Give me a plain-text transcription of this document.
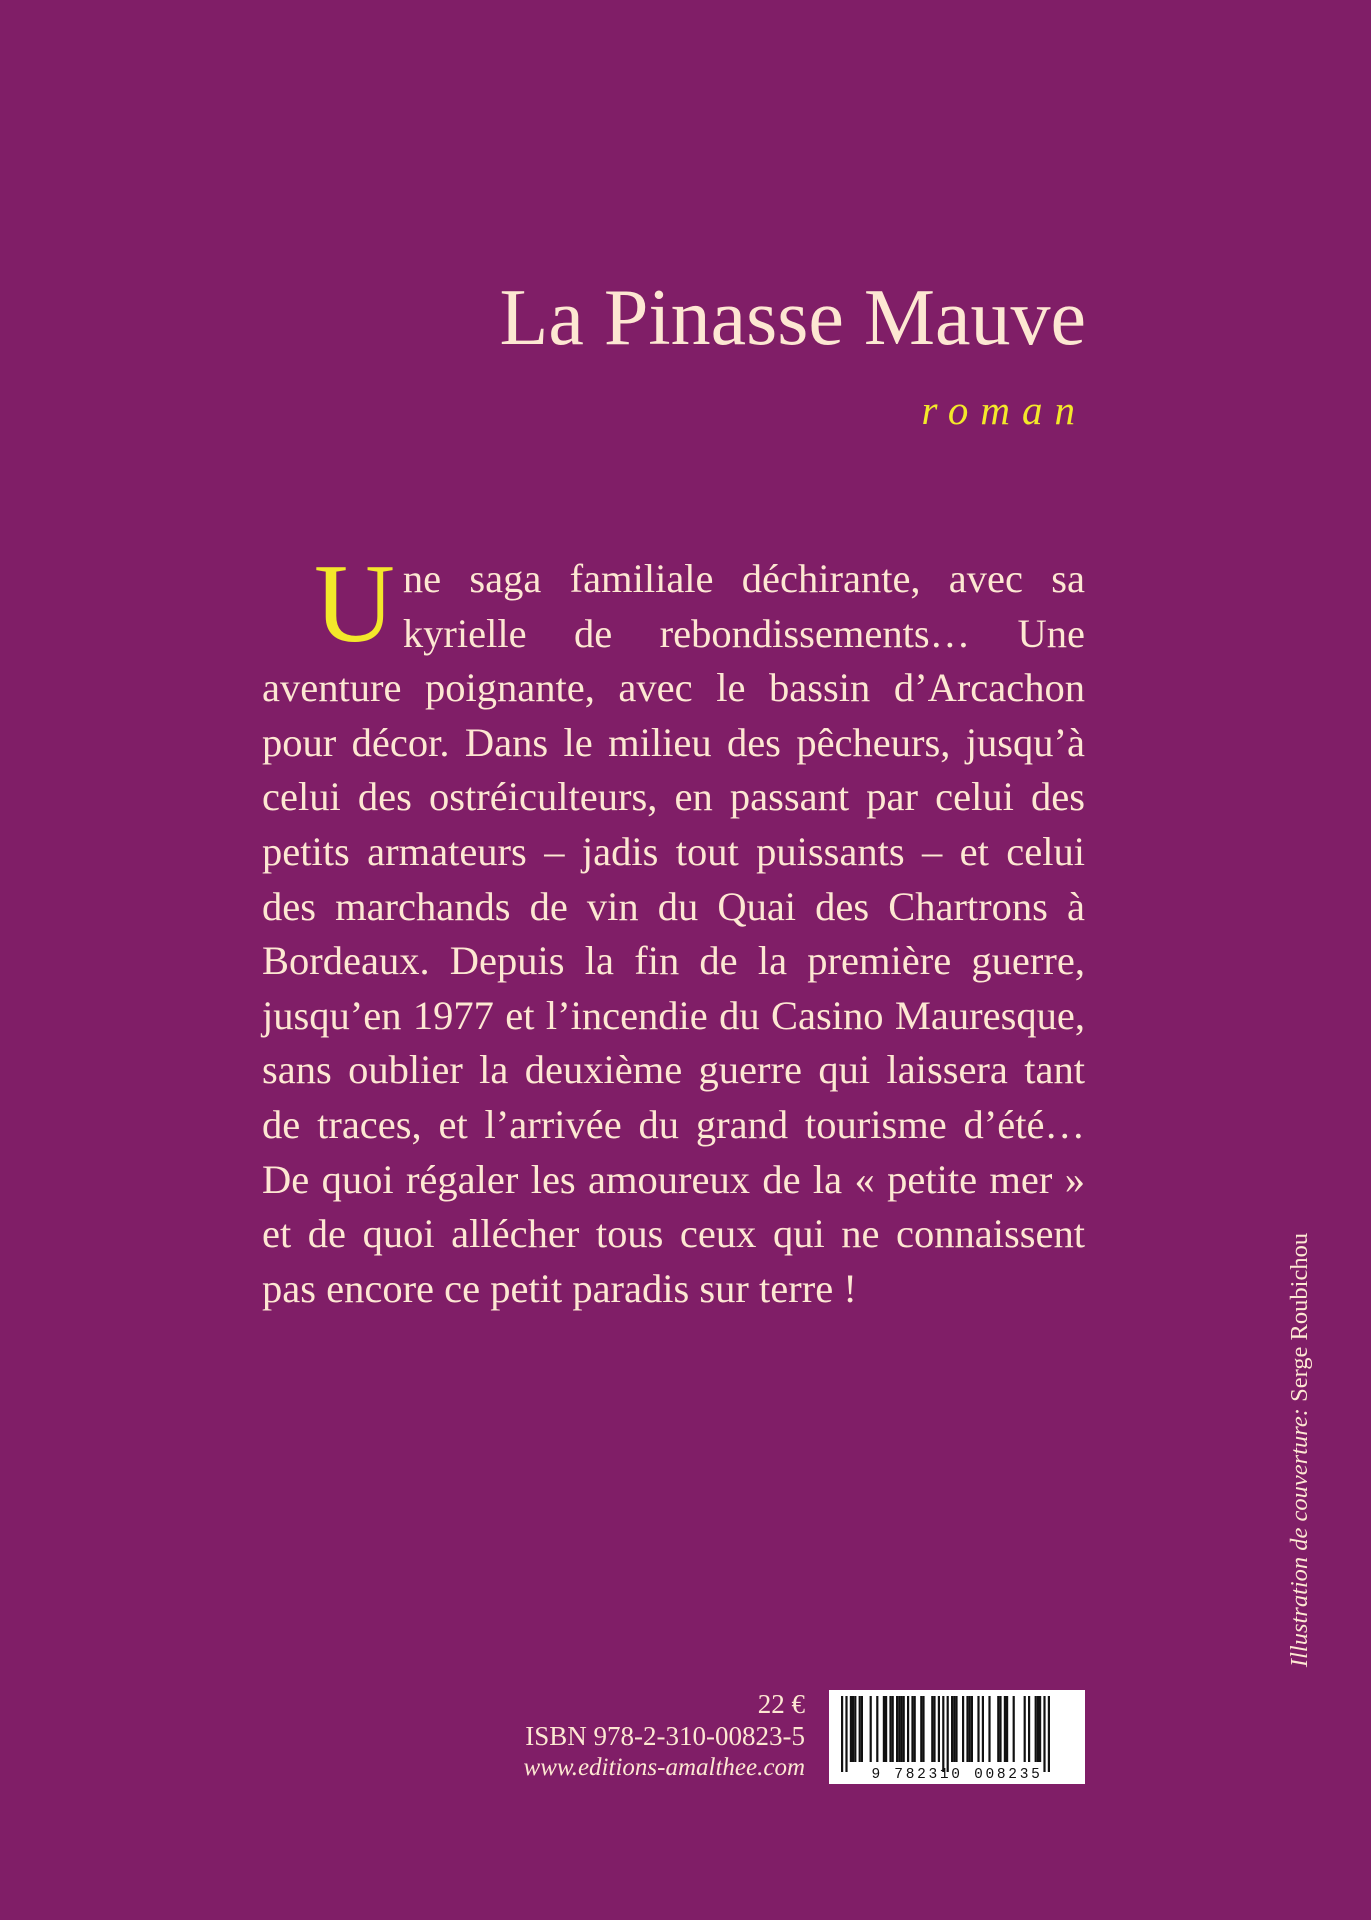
La Pinasse Mauve
roman
U ne saga familiale déchirante, avec sa kyrielle de rebondissements… Une aventure poignante, avec le bassin d’Arcachon pour décor. Dans le milieu des pêcheurs, jusqu’à celui des ostréiculteurs, en passant par celui des petits armateurs – jadis tout puissants – et celui des marchands de vin du Quai des Chartrons à Bordeaux. Depuis la fin de la première guerre, jusqu’en 1977 et l’incendie du Casino Mauresque, sans oublier la deuxième guerre qui laissera tant de traces, et l’arrivée du grand tourisme d’été… De quoi régaler les amoureux de la « petite mer » et de quoi allécher tous ceux qui ne connaissent pas encore ce petit paradis sur terre !

Illustration de couverture: Serge Roubichou
22 €
ISBN 978-2-310-00823-5
www.editions-amalthee.com	9 782310 008235
